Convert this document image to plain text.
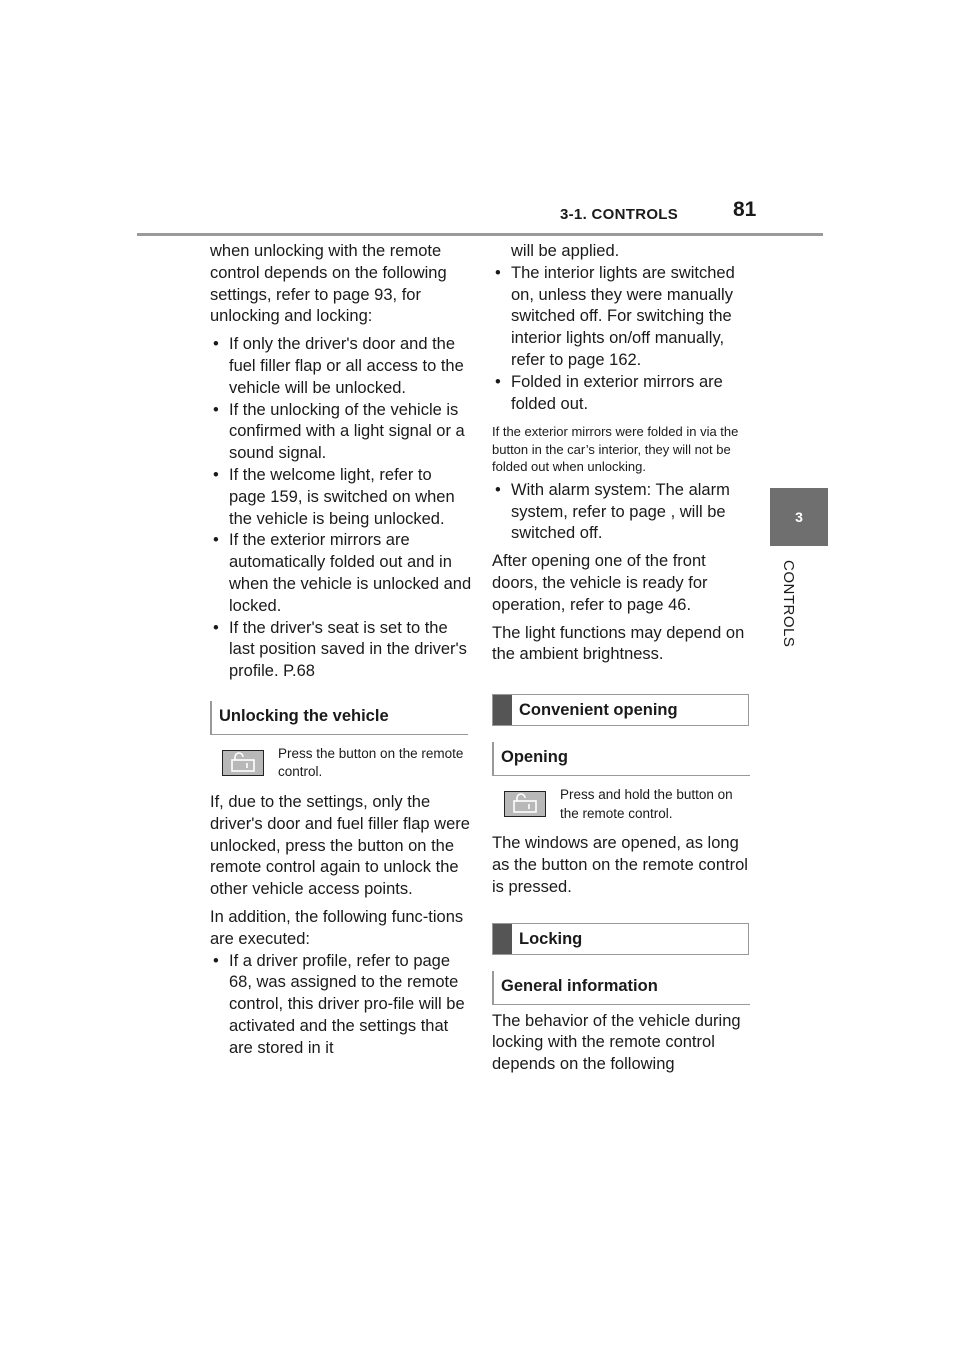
3-1. CONTROLS	81
3
CONTROLS

when unlocking with the remote control depends on the following settings, refer to page 93, for unlocking and locking:

• If only the driver's door and the fuel filler flap or all access to the vehicle will be unlocked.
• If the unlocking of the vehicle is confirmed with a light signal or a sound signal.
• If the welcome light, refer to page 159, is switched on when the vehicle is being unlocked.
• If the exterior mirrors are automatically folded out and in when the vehicle is unlocked and locked.
• If the driver's seat is set to the last position saved in the driver's profile. P.68
Unlocking the vehicle
Press the button on the remote control.

If, due to the settings, only the driver's door and fuel filler flap were unlocked, press the button on the remote control again to unlock the other vehicle access points.

In addition, the following func-tions are executed:

• If a driver profile, refer to page 68, was assigned to the remote control, this driver pro-file will be activated and the settings that are stored in it
will be applied.
• The interior lights are switched on, unless they were manually switched off. For switching the interior lights on/off manually, refer to page 162.
• Folded in exterior mirrors are folded out.

If the exterior mirrors were folded in via the button in the car’s interior, they will not be folded out when unlocking.

• With alarm system: The alarm system, refer to page , will be switched off.

After opening one of the front doors, the vehicle is ready for operation, refer to page 46.

The light functions may depend on the ambient brightness.

Convenient opening
Opening
Press and hold the button on the remote control.

The windows are opened, as long as the button on the remote control is pressed.

Locking
General information

The behavior of the vehicle during locking with the remote control depends on the following
